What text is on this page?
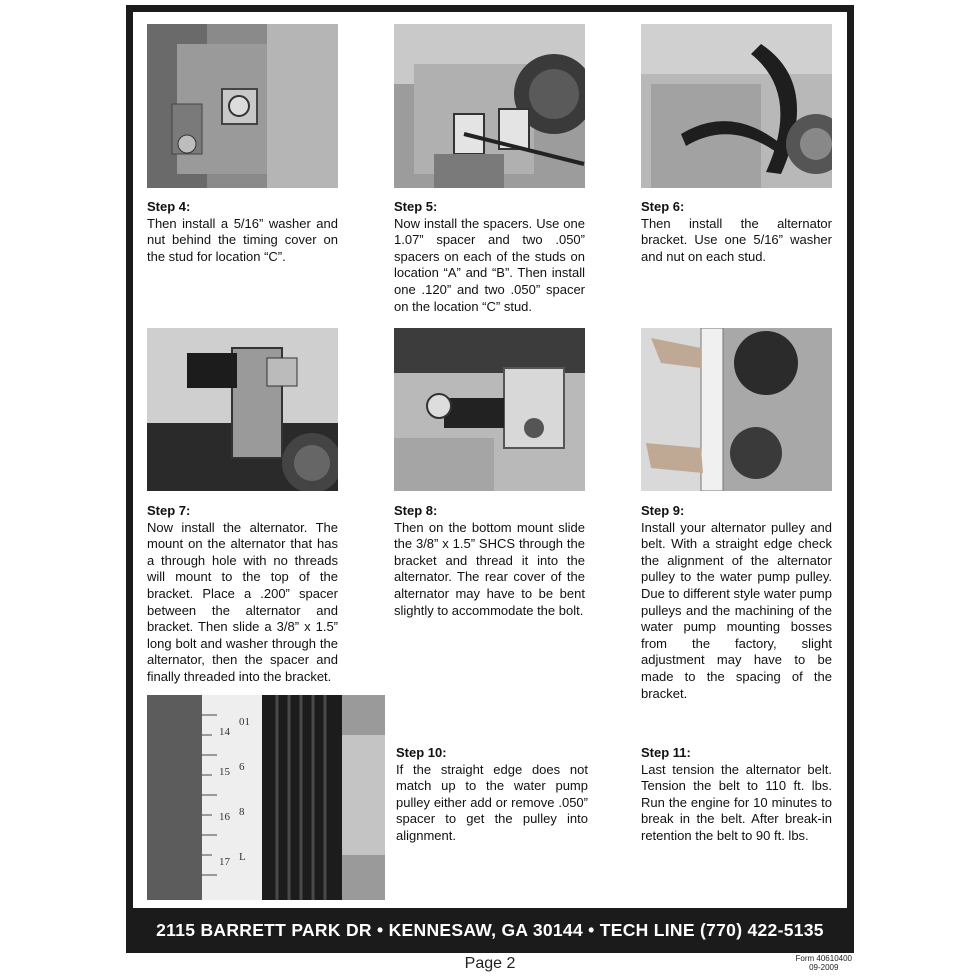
Step 4:
Then install a 5/16” washer and nut behind the timing cover on the stud for location “C”.
Step 5:
Now install the spacers. Use one 1.07” spacer and two .050” spacers on each of the studs on location “A” and “B”. Then install one .120” and two .050” spacer on the location “C” stud.
Step 6:
Then install the alternator bracket. Use one 5/16” washer and nut on each stud.
Step 7:
Now install the alternator. The mount on the alternator that has a through hole with no threads will mount to the top of the bracket. Place a .200” spacer between the alternator and bracket. Then slide a 3/8” x 1.5” long bolt and washer through the alternator, then the spacer and finally threaded into the bracket.
Step 8:
Then on the bottom mount slide the 3/8” x 1.5” SHCS through the bracket and thread it into the alternator. The rear cover of the alternator may have to be bent slightly to accommodate the bolt.
Step 9:
Install your alternator pulley and belt. With a straight edge check the alignment of the alternator pulley to the water pump pulley. Due to different style water pump pulleys and the machining of the water pump mounting bosses from the factory, slight adjustment may have to be made to the spacing of the bracket.
14
15
16
17
01
6
8
L
Step 10:
If the straight edge does not match up to the water pump pulley either add or remove .050” spacer to get the pulley into alignment.
Step 11:
Last tension the alternator belt. Tension the belt to 110 ft. lbs. Run the engine for 10 minutes to break in the belt. After break-in retention the belt to 90 ft. lbs.
2115 BARRETT PARK DR • KENNESAW, GA 30144 • TECH LINE (770) 422-5135
Page 2	Form 40610400
09-2009
